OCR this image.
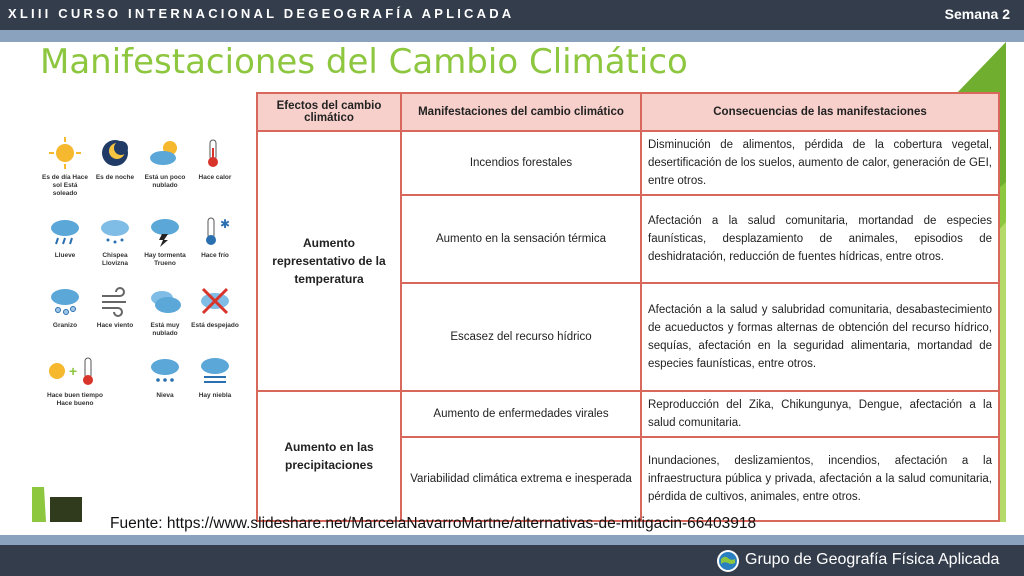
XLIII CURSO INTERNACIONAL DEGEOGRAFÍA APLICADA	Semana 2
Manifestaciones del Cambio Climático
Es de día Hace sol Está soleado
Es de noche	Está un poco nublado
Hace calor
Llueve	Chispea Llovizna
Hay tormenta Trueno
✱
Hace frío
Granizo	Hace viento	Está muy nublado
Está despejado
+
Hace buen tiempo Hace bueno
Nieva	Hay niebla
Efectos del cambio climático	Manifestaciones del cambio climático	Consecuencias de las manifestaciones
Aumento representativo de la temperatura	Incendios forestales	Disminución de alimentos, pérdida de la cobertura vegetal, desertificación de los suelos, aumento de calor, generación de GEI, entre otros.
	Aumento en la sensación térmica	Afectación a la salud comunitaria, mortandad de especies faunísticas, desplazamiento de animales, episodios de deshidratación, reducción de fuentes hídricas, entre otros.
	Escasez del recurso hídrico	Afectación a la salud y salubridad comunitaria, desabastecimiento de acueductos y formas alternas de obtención del recurso hídrico, sequías, afectación en la seguridad alimentaria, mortandad de especies faunísticas, entre otros.
Aumento en las precipitaciones	Aumento de enfermedades virales	Reproducción del Zika, Chikungunya, Dengue, afectación a la salud comunitaria.
	Variabilidad climática extrema e inesperada	Inundaciones, deslizamientos, incendios, afectación a la infraestructura pública y privada, afectación a la salud comunitaria, pérdida de cultivos, animales, entre otros.
Fuente: https://www.slideshare.net/MarcelaNavarroMartne/alternativas-de-mitigacin-66403918
Grupo de Geografía Física Aplicada
